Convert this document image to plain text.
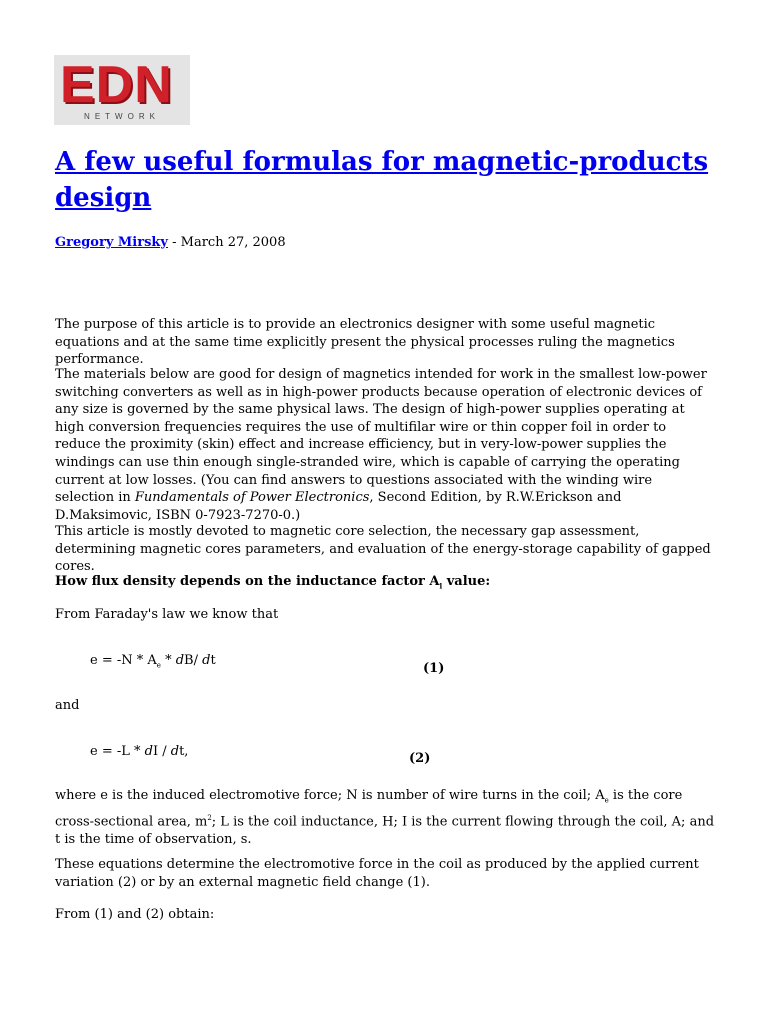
EDN
NETWORK
A few useful formulas for magnetic-products design
Gregory Mirsky - March 27, 2008

The purpose of this article is to provide an electronics designer with some useful magnetic equations and at the same time explicitly present the physical processes ruling the magnetics performance.

The materials below are good for design of magnetics intended for work in the smallest low-power switching converters as well as in high-power products because operation of electronic devices of any size is governed by the same physical laws. The design of high-power supplies operating at high conversion frequencies requires the use of multifilar wire or thin copper foil in order to reduce the proximity (skin) effect and increase efficiency, but in very-low-power supplies the windings can use thin enough single-stranded wire, which is capable of carrying the operating current at low losses. (You can find answers to questions associated with the winding wire selection in Fundamentals of Power Electronics, Second Edition, by R.W.Erickson and D.Maksimovic, ISBN 0-7923-7270-0.)

This article is mostly devoted to magnetic core selection, the necessary gap assessment, determining magnetic cores parameters, and evaluation of the energy-storage capability of gapped cores.

How flux density depends on the inductance factor $A_l$ value:

From Faraday's law we know that
$e = -N * A_e * dB/$ dt
(1)
and
e = -L * dI / dt,	(2)

where e is the induced electromotive force; N is number of wire turns in the coil; $A_e$ is the core cross-sectional area, $m^2$; L is the coil inductance, H; I is the current flowing through the coil, A; and t is the time of observation, s.

These equations determine the electromotive force in the coil as produced by the applied current variation (2) or by an external magnetic field change (1).

From (1) and (2) obtain:
